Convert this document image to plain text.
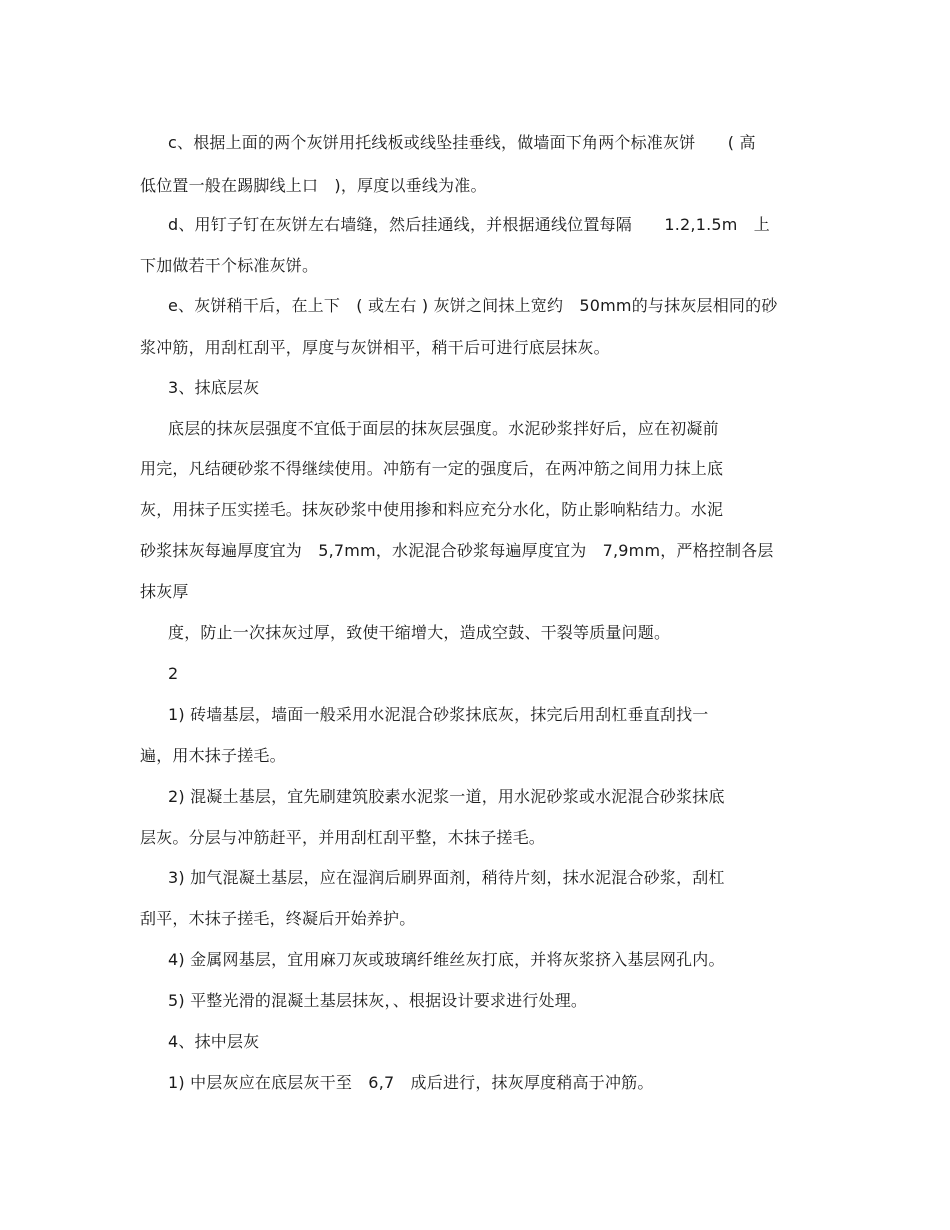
c、根据上面的两个灰饼用托线板或线坠挂垂线，做墙面下角两个标准灰饼　　( 高
低位置一般在踢脚线上口　)，厚度以垂线为准。
d、用钉子钉在灰饼左右墙缝，然后挂通线，并根据通线位置每隔　　1.2,1.5m　上
下加做若干个标准灰饼。
e、灰饼稍干后，在上下　( 或左右 ) 灰饼之间抹上宽约　50mm的与抹灰层相同的砂
浆冲筋，用刮杠刮平，厚度与灰饼相平，稍干后可进行底层抹灰。
3、抹底层灰
底层的抹灰层强度不宜低于面层的抹灰层强度。水泥砂浆拌好后，应在初凝前
用完，凡结硬砂浆不得继续使用。冲筋有一定的强度后，在两冲筋之间用力抹上底
灰，用抹子压实搓毛。抹灰砂浆中使用掺和料应充分水化，防止影响粘结力。水泥
砂浆抹灰每遍厚度宜为　5,7mm，水泥混合砂浆每遍厚度宜为　7,9mm，严格控制各层
抹灰厚
度，防止一次抹灰过厚，致使干缩增大，造成空鼓、干裂等质量问题。
2
1) 砖墙基层，墙面一般采用水泥混合砂浆抹底灰，抹完后用刮杠垂直刮找一
遍，用木抹子搓毛。
2) 混凝土基层，宜先刷建筑胶素水泥浆一道，用水泥砂浆或水泥混合砂浆抹底
层灰。分层与冲筋赶平，并用刮杠刮平整，木抹子搓毛。
3) 加气混凝土基层，应在湿润后刷界面剂，稍待片刻，抹水泥混合砂浆，刮杠
刮平，木抹子搓毛，终凝后开始养护。
4) 金属网基层，宜用麻刀灰或玻璃纤维丝灰打底，并将灰浆挤入基层网孔内。
5) 平整光滑的混凝土基层抹灰，、根据设计要求进行处理。
4、抹中层灰
1) 中层灰应在底层灰干至　6,7　成后进行，抹灰厚度稍高于冲筋。
